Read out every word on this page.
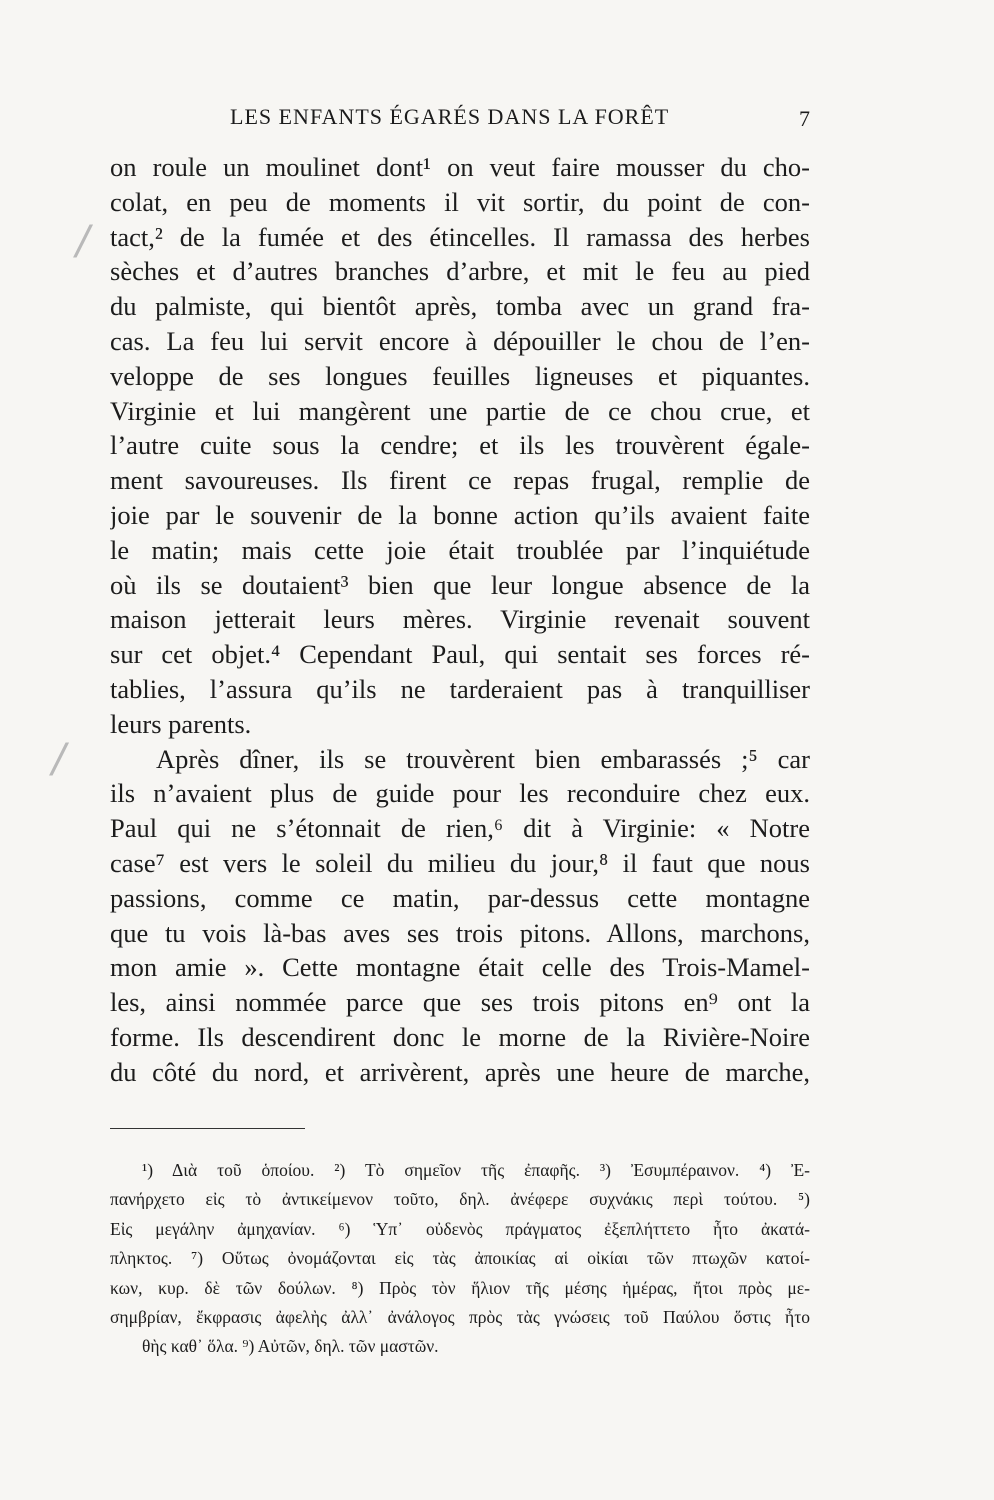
LES ENFANTS ÉGARÉS DANS LA FORÊT	7
on roule un moulinet dont¹ on veut faire mousser du cho-
colat, en peu de moments il vit sortir, du point de con-
tact,² de la fumée et des étincelles. Il ramassa des herbes
sèches et d’autres branches d’arbre, et mit le feu au pied
du palmiste, qui bientôt après, tomba avec un grand fra-
cas. La feu lui servit encore à dépouiller le chou de l’en-
veloppe de ses longues feuilles ligneuses et piquantes.
Virginie et lui mangèrent une partie de ce chou crue, et
l’autre cuite sous la cendre; et ils les trouvèrent égale-
ment savoureuses. Ils firent ce repas frugal, remplie de
joie par le souvenir de la bonne action qu’ils avaient faite
le matin; mais cette joie était troublée par l’inquiétude
où ils se doutaient³ bien que leur longue absence de la
maison jetterait leurs mères. Virginie revenait souvent
sur cet objet.⁴ Cependant Paul, qui sentait ses forces ré-
tablies, l’assura qu’ils ne tarderaient pas à tranquilliser
leurs parents.
Après dîner, ils se trouvèrent bien embarassés ;⁵ car
ils n’avaient plus de guide pour les reconduire chez eux.
Paul qui ne s’étonnait de rien,⁶ dit à Virginie: « Notre
case⁷ est vers le soleil du milieu du jour,⁸ il faut que nous
passions, comme ce matin, par-dessus cette montagne
que tu vois là-bas aves ses trois pitons. Allons, marchons,
mon amie ». Cette montagne était celle des Trois-Mamel-
les, ainsi nommée parce que ses trois pitons en⁹ ont la
forme. Ils descendirent donc le morne de la Rivière-Noire
du côté du nord, et arrivèrent, après une heure de marche,
¹) Διὰ τοῦ ὁποίου. ²) Τὸ σημεῖον τῆς ἐπαφῆς. ³) Ἐσυμπέραινον. ⁴) Ἐ-
πανήρχετο εἰς τὸ ἀντικείμενον τοῦτο, δηλ. ἀνέφερε συχνάκις περὶ τούτου. ⁵)
Εἰς μεγάλην ἀμηχανίαν. ⁶) Ὑπ᾽ οὐδενὸς πράγματος ἐξεπλήττετο ἦτο ἀκατά-
πληκτος. ⁷) Οὕτως ὀνομάζονται εἰς τὰς ἀποικίας αἱ οἰκίαι τῶν πτωχῶν κατοί-
κων, κυρ. δὲ τῶν δούλων. ⁸) Πρὸς τὸν ἥλιον τῆς μέσης ἡμέρας, ἤτοι πρὸς με-
σημβρίαν, ἔκφρασις ἀφελὴς ἀλλ᾽ ἀνάλογος πρὸς τὰς γνώσεις τοῦ Παύλου ὅστις ἦτο
θὴς καθ᾽ ὅλα. ⁹) Αὐτῶν, δηλ. τῶν μαστῶν.
/
/
